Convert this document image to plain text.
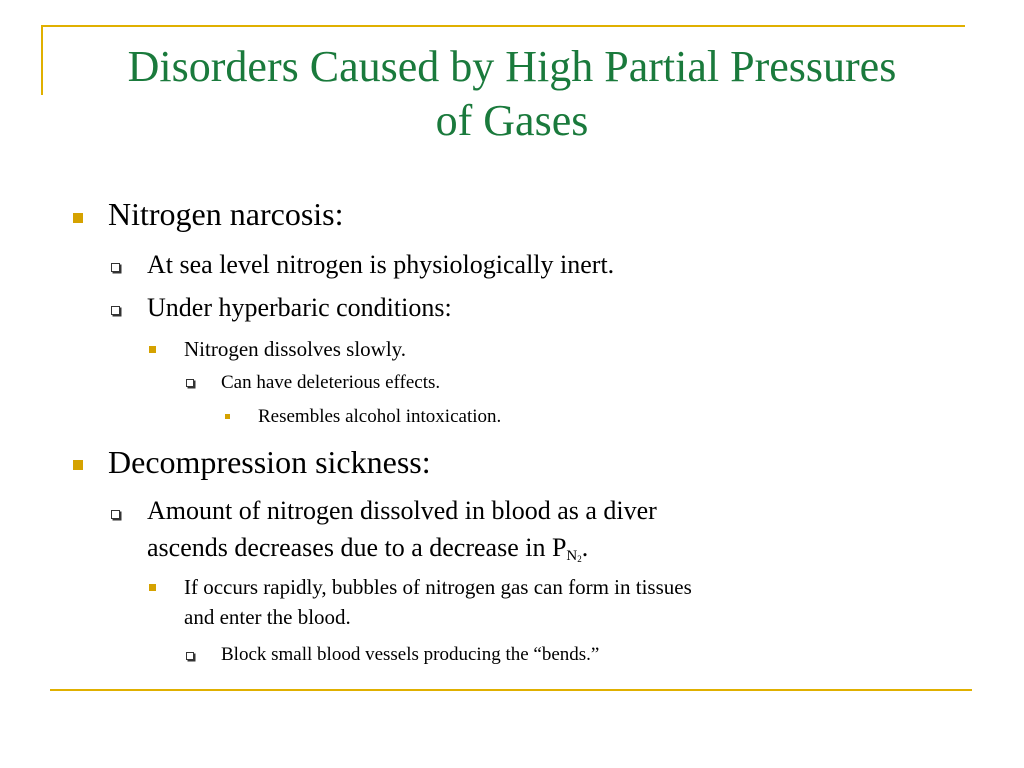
Disorders Caused by High Partial Pressures
of Gases
Nitrogen narcosis:
At sea level nitrogen is physiologically inert.
Under hyperbaric conditions:
Nitrogen dissolves slowly.
Can have deleterious effects.
Resembles alcohol intoxication.
Decompression sickness:
Amount of nitrogen dissolved in blood as a diver
ascends decreases due to a decrease in $PN_2$.
If occurs rapidly, bubbles of nitrogen gas can form in tissues
and enter the blood.
Block small blood vessels producing the “bends.”
